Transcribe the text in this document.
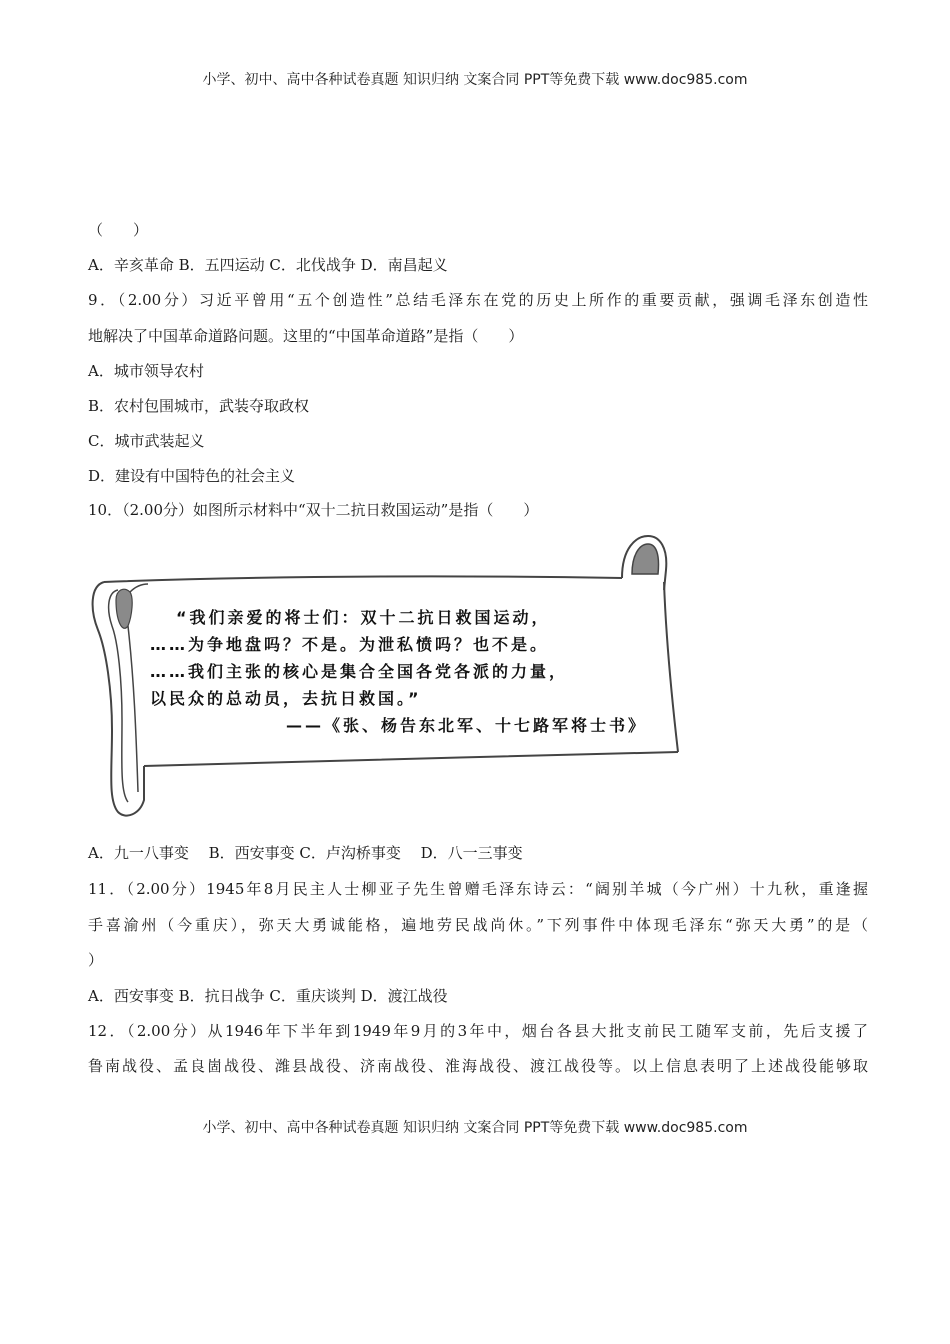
小学、初中、高中各种试卷真题 知识归纳 文案合同 PPT等免费下载 www.doc985.com
（　　）
A．辛亥革命 B．五四运动 C．北伐战争 D．南昌起义
9．（2.00分）习近平曾用“五个创造性”总结毛泽东在党的历史上所作的重要贡献，强调毛泽东创造性
地解决了中国革命道路问题。这里的“中国革命道路”是指（　　）
A．城市领导农村
B．农村包围城市，武装夺取政权
C．城市武装起义
D．建设有中国特色的社会主义
10．（2.00分）如图所示材料中“双十二抗日救国运动”是指（　　）
“我们亲爱的将士们：双十二抗日救国运动，
……为争地盘吗？不是。为泄私愤吗？也不是。
……我们主张的核心是集合全国各党各派的力量，
以民众的总动员，去抗日救国。”
——《张、杨告东北军、十七路军将士书》
A．九一八事变　 B．西安事变 C．卢沟桥事变　 D．八一三事变
11．（2.00分）1945年8月民主人士柳亚子先生曾赠毛泽东诗云：“阔别羊城（今广州）十九秋，重逢握
手喜渝州（今重庆），弥天大勇诚能格，遍地劳民战尚休。”下列事件中体现毛泽东“弥天大勇”的是（
）
A．西安事变 B．抗日战争 C．重庆谈判 D．渡江战役
12．（2.00分）从1946年下半年到1949年9月的3年中，烟台各县大批支前民工随军支前，先后支援了
鲁南战役、孟良崮战役、潍县战役、济南战役、淮海战役、渡江战役等。以上信息表明了上述战役能够取
小学、初中、高中各种试卷真题 知识归纳 文案合同 PPT等免费下载 www.doc985.com
